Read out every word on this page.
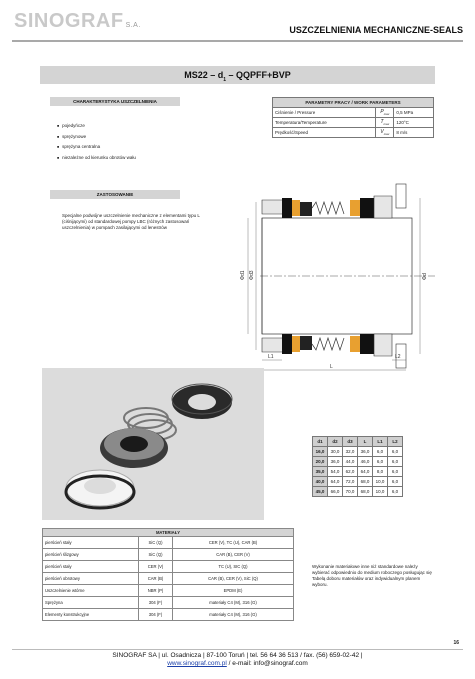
SINOGRAF S.A.	USZCZELNIENIA MECHANICZNE-SEALS
$MS22 - d_1$ – QQPFF+BVP
CHARAKTERYSTYKA USZCZELNIENIA
■ pojedyńcze
■ sprężynowe
■ sprężyna centralna
■ niezależne od kierunku obrotów wału
ZASTOSOWANIE
Specjalne podwójne uszczelnienie mechaniczne z elementami typu L (ciśnijącymi) od standardowej pompy LBC (różnych zastosowań uszczelnienia) w pompach zasilającymi od lenestrów
PARAMETRY PRACY / WORK PARAMETERS		
Ciśnienie / Pressure	$P_{max}$	0,5 MPa
Temperatura/Temperature	$T_{max}$	120°C
Prędkość/Speed	$V_{max}$	8 m/s
Φd1 Φd3	Φd
L1
L
L2
d1	d2	d3	L	L1	L2
16,0	30,0	32,0	36,0	6,0	6,0
20,0	36,0	44,0	46,0	6,0	6,0
35,0	54,0	62,0	64,0	8,0	6,0
40,0	64,0	72,0	68,0	10,0	6,0
45,0	66,0	70,0	68,0	10,0	6,0
MATERIAŁY		
pierścień stały	SiC (Q)	CER (V), TC (U), CAR (B)
pierścień ślizgowy	SiC (Q)	CAR (B), CER (V)
pierścień stały	CER (V)	TC (U), SIC (Q)
pierścień obrotowy	CAR (B)	CAR (B), CER (V), SiC (Q)
Uszczelnienie wtórne	NBR (P)	EPDM (E)
Sprężyna	304 (F)	materiały C4 (M), 316 (G)
Elementy konstrukcyjne	304 (F)	materiały C4 (M), 316 (G)
Wykonanie materiałowe inne niż standardowe należy wybierać odpowiednio do medium roboczego posługując się Tabelą doboru materiałów oraz indywidualnym planem wyboru.
16
SINOGRAF SA | ul. Osadnicza | 87-100 Toruń | tel. 56 64 36 513 / fax. (56) 659-02-42 |
www.sinograf.com.pl / e-mail: info@sinograf.com
